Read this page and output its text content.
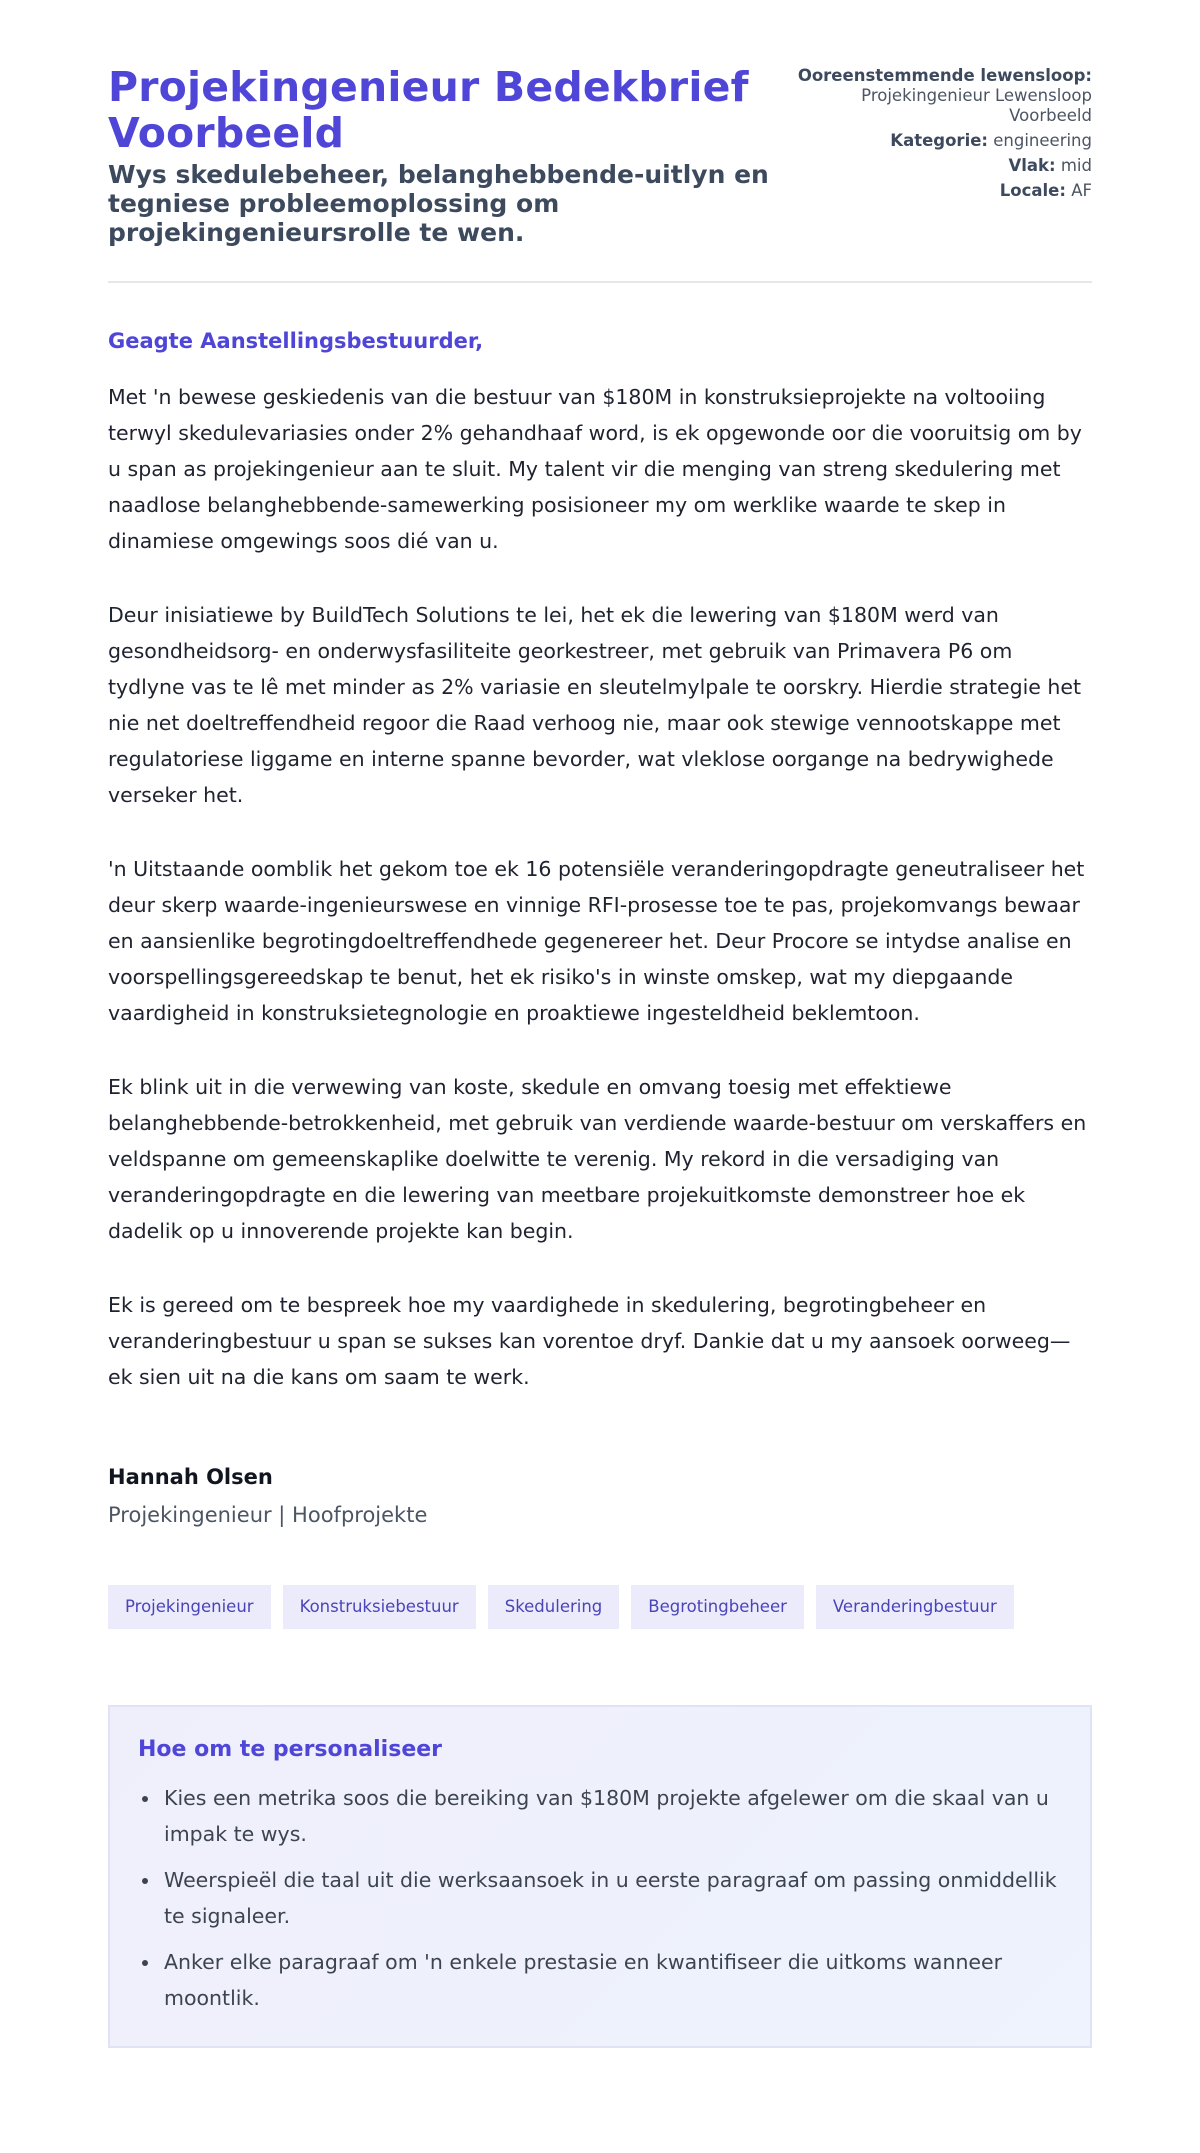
Projekingenieur Bedekbrief Voorbeeld
Wys skedulebeheer, belanghebbende-uitlyn en tegniese probleemoplossing om projekingenieursrolle te wen.
Ooreenstemmende lewensloop: Projekingenieur Lewensloop Voorbeeld
Kategorie: engineering
Vlak: mid
Locale: AF
Geagte Aanstellingsbestuurder,

Met 'n bewese geskiedenis van die bestuur van $180M in konstruksieprojekte na voltooiing terwyl skedulevariasies onder 2% gehandhaaf word, is ek opgewonde oor die vooruitsig om by u span as projekingenieur aan te sluit. My talent vir die menging van streng skedulering met naadlose belanghebbende-samewerking posisioneer my om werklike waarde te skep in dinamiese omgewings soos dié van u.

Deur inisiatiewe by BuildTech Solutions te lei, het ek die lewering van $180M werd van gesondheidsorg- en onderwysfasiliteite georkestreer, met gebruik van Primavera P6 om tydlyne vas te lê met minder as 2% variasie en sleutelmylpale te oorskry. Hierdie strategie het nie net doeltreffendheid regoor die Raad verhoog nie, maar ook stewige vennootskappe met regulatoriese liggame en interne spanne bevorder, wat vleklose oorgange na bedrywighede verseker het.

'n Uitstaande oomblik het gekom toe ek 16 potensiële veranderingopdragte geneutraliseer het deur skerp waarde-ingenieurswese en vinnige RFI-prosesse toe te pas, projekomvangs bewaar en aansienlike begrotingdoeltreffendhede gegenereer het. Deur Procore se intydse analise en voorspellingsgereedskap te benut, het ek risiko's in winste omskep, wat my diepgaande vaardigheid in konstruksietegnologie en proaktiewe ingesteldheid beklemtoon.

Ek blink uit in die verwewing van koste, skedule en omvang toesig met effektiewe belanghebbende-betrokkenheid, met gebruik van verdiende waarde-bestuur om verskaffers en veldspanne om gemeenskaplike doelwitte te verenig. My rekord in die versadiging van veranderingopdragte en die lewering van meetbare projekuitkomste demonstreer hoe ek dadelik op u innoverende projekte kan begin.

Ek is gereed om te bespreek hoe my vaardighede in skedulering, begrotingbeheer en veranderingbestuur u span se sukses kan vorentoe dryf. Dankie dat u my aansoek oorweeg—ek sien uit na die kans om saam te werk.

Hannah Olsen
Projekingenieur | Hoofprojekte
Projekingenieur	Konstruksiebestuur	Skedulering	Begrotingbeheer	Veranderingbestuur
Hoe om te personaliseer
Kies een metrika soos die bereiking van $180M projekte afgelewer om die skaal van u impak te wys.
Weerspieël die taal uit die werksaansoek in u eerste paragraaf om passing onmiddellik te signaleer.
Anker elke paragraaf om 'n enkele prestasie en kwantifiseer die uitkoms wanneer moontlik.
